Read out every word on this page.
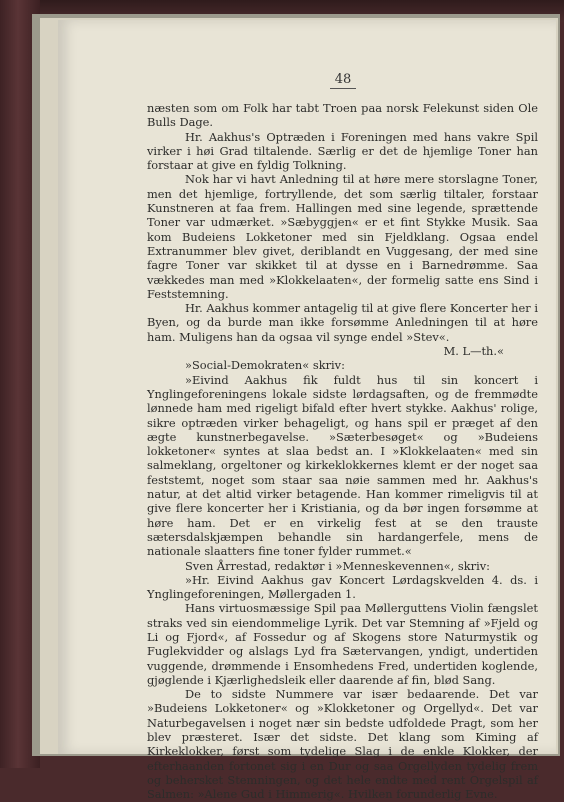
48

næsten som om Folk har tabt Troen paa norsk Felekunst siden Ole Bulls Dage.

Hr. Aakhus's Optræden i Foreningen med hans vakre Spil virker i høi Grad tiltalende. Særlig er det de hjemlige Toner han forstaar at give en fyldig Tolkning.

Nok har vi havt Anledning til at høre mere storslagne Toner, men det hjemlige, fortryllende, det som særlig tiltaler, forstaar Kunstneren at faa frem. Hallingen med sine legende, sprættende Toner var udmærket. »Sæbyggjen« er et fint Stykke Musik. Saa kom Budeiens Lokketoner med sin Fjeldklang. Ogsaa endel Extranummer blev givet, deriblandt en Vuggesang, der med sine fagre Toner var skikket til at dysse en i Barnedrømme. Saa vækkedes man med »Klokkelaaten«, der formelig satte ens Sind i Feststemning.

Hr. Aakhus kommer antagelig til at give flere Koncerter her i Byen, og da burde man ikke forsømme Anledningen til at høre ham. Muligens han da ogsaa vil synge endel »Stev«.

M. L—th.«

»Social-Demokraten« skriv:

»Eivind Aakhus fik fuldt hus til sin koncert i Ynglingeforeningens lokale sidste lørdagsaften, og de fremmødte lønnede ham med rigeligt bifald efter hvert stykke. Aakhus' rolige, sikre optræden virker behageligt, og hans spil er præget af den ægte kunstnerbegavelse. »Sæterbesøget« og »Budeiens lokketoner« syntes at slaa bedst an. I »Klokkelaaten« med sin salmeklang, orgeltoner og kirkeklokkernes klemt er der noget saa feststemt, noget som staar saa nøie sammen med hr. Aakhus's natur, at det altid virker betagende. Han kommer rimeligvis til at give flere koncerter her i Kristiania, og da bør ingen forsømme at høre ham. Det er en virkelig fest at se den trauste sætersdalskjæmpen behandle sin hardangerfele, mens de nationale slaatters fine toner fylder rummet.«

Sven Årrestad, redaktør i »Menneskevennen«, skriv:

»Hr. Eivind Aakhus gav Koncert Lørdagskvelden 4. ds. i Ynglingeforeningen, Møllergaden 1.

Hans virtuosmæssige Spil paa Møllerguttens Violin fængslet straks ved sin eiendommelige Lyrik. Det var Stemning af »Fjeld og Li og Fjord«, af Fossedur og af Skogens store Naturmystik og Fuglekvidder og alslags Lyd fra Sætervangen, yndigt, undertiden vuggende, drømmende i Ensomhedens Fred, undertiden koglende, gjøglende i Kjærlighedsleik eller daarende af fin, blød Sang.

De to sidste Nummere var især bedaarende. Det var »Budeiens Lokketoner« og »Klokketoner og Orgellyd«. Det var Naturbegavelsen i noget nær sin bedste udfoldede Pragt, som her blev præsteret. Især det sidste. Det klang som Kiming af Kirkeklokker, først som tydelige Slag i de enkle Klokker, der efterhaanden fortonet sig i en Dur og saa Orgellyden tydelig frem og behersket Stemningen, og det hele endte med rent Orgelspil af Salmen: »Alene Gud i Himmerig«. Hvilken forunderlig Evne.
